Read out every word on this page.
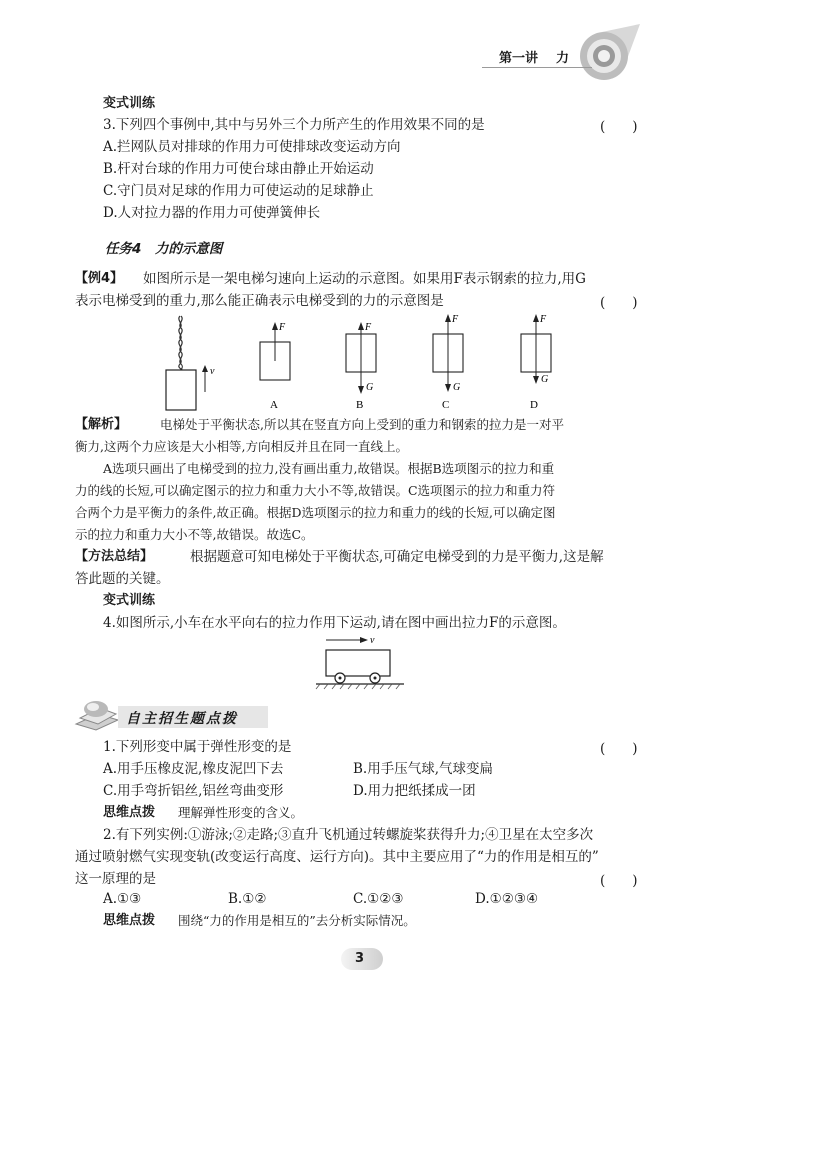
第一讲 力
变式训练
3.下列四个事例中,其中与另外三个力所产生的作用效果不同的是	(　　)
A.拦网队员对排球的作用力可使排球改变运动方向
B.杆对台球的作用力可使台球由静止开始运动
C.守门员对足球的作用力可使运动的足球静止
D.人对拉力器的作用力可使弹簧伸长
任务4　力的示意图
【例4】 如图所示是一架电梯匀速向上运动的示意图。如果用F表示钢索的拉力,用G
表示电梯受到的重力,那么能正确表示电梯受到的力的示意图是	(　　)
v
F
A
F
G
B
F
G
C
F
G
D
【解析】	电梯处于平衡状态,所以其在竖直方向上受到的重力和钢索的拉力是一对平
衡力,这两个力应该是大小相等,方向相反并且在同一直线上。
A选项只画出了电梯受到的拉力,没有画出重力,故错误。根据B选项图示的拉力和重
力的线的长短,可以确定图示的拉力和重力大小不等,故错误。C选项图示的拉力和重力符
合两个力是平衡力的条件,故正确。根据D选项图示的拉力和重力的线的长短,可以确定图
示的拉力和重力大小不等,故错误。故选C。
【方法总结】	根据题意可知电梯处于平衡状态,可确定电梯受到的力是平衡力,这是解
答此题的关键。
变式训练
4.如图所示,小车在水平向右的拉力作用下运动,请在图中画出拉力F的示意图。
v
自主招生题点拨
1.下列形变中属于弹性形变的是	(　　)
A.用手压橡皮泥,橡皮泥凹下去	B.用手压气球,气球变扁
C.用手弯折铝丝,铝丝弯曲变形	D.用力把纸揉成一团
思维点拨 理解弹性形变的含义。
2.有下列实例:①游泳;②走路;③直升飞机通过转螺旋桨获得升力;④卫星在太空多次
通过喷射燃气实现变轨(改变运行高度、运行方向)。其中主要应用了“力的作用是相互的”
这一原理的是	(　　)
A.①③	B.①②	C.①②③	D.①②③④
思维点拨 围绕“力的作用是相互的”去分析实际情况。
3
